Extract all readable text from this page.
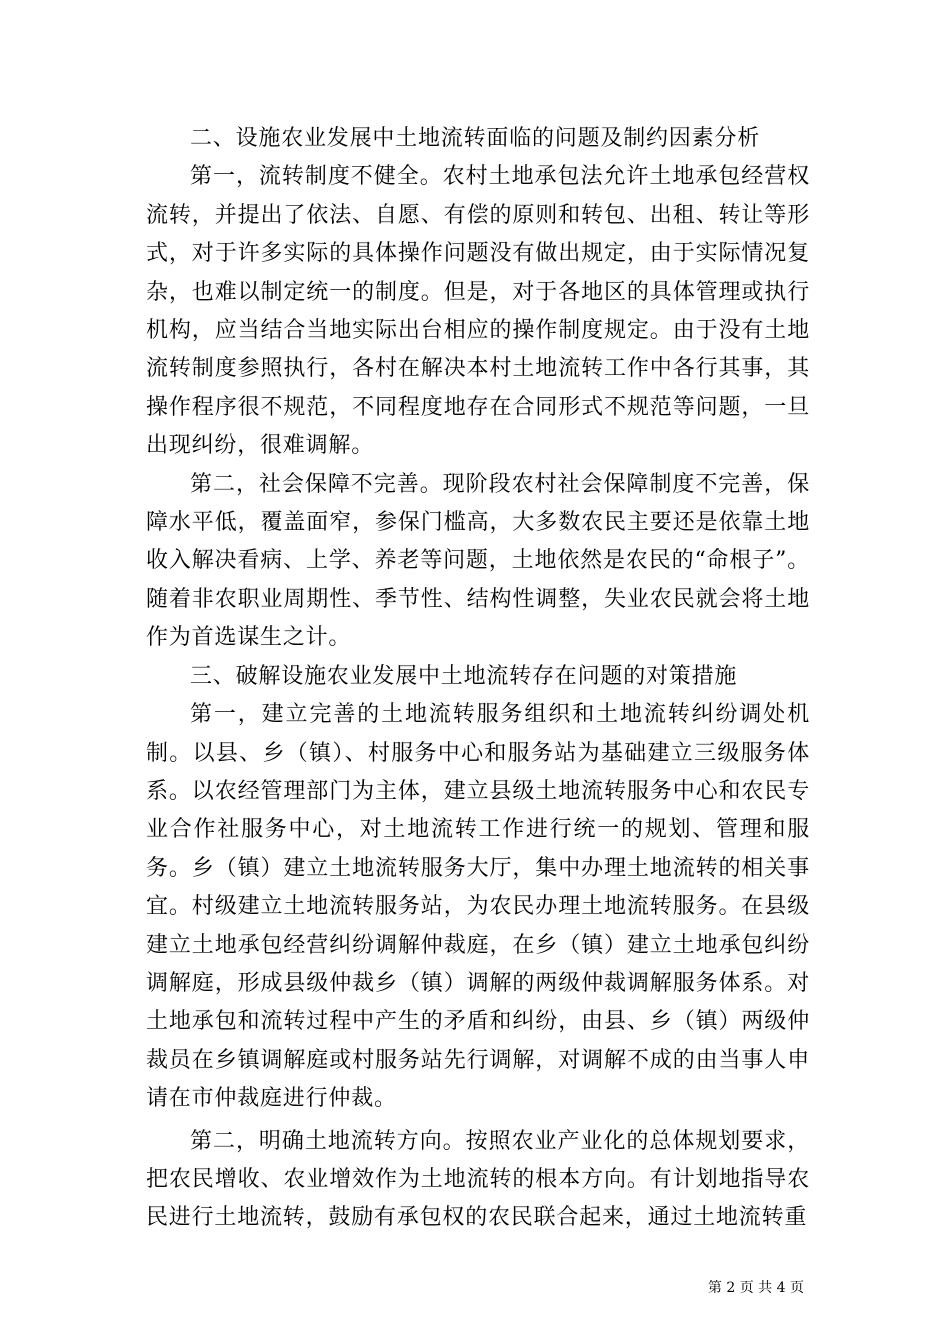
二、设施农业发展中土地流转面临的问题及制约因素分析

第一，流转制度不健全。农村土地承包法允许土地承包经营权流转，并提出了依法、自愿、有偿的原则和转包、出租、转让等形式，对于许多实际的具体操作问题没有做出规定，由于实际情况复杂，也难以制定统一的制度。但是，对于各地区的具体管理或执行机构，应当结合当地实际出台相应的操作制度规定。由于没有土地流转制度参照执行，各村在解决本村土地流转工作中各行其事，其操作程序很不规范，不同程度地存在合同形式不规范等问题，一旦出现纠纷，很难调解。

第二，社会保障不完善。现阶段农村社会保障制度不完善，保障水平低，覆盖面窄，参保门槛高，大多数农民主要还是依靠土地收入解决看病、上学、养老等问题，土地依然是农民的“命根子”。随着非农职业周期性、季节性、结构性调整，失业农民就会将土地作为首选谋生之计。

三、破解设施农业发展中土地流转存在问题的对策措施

第一，建立完善的土地流转服务组织和土地流转纠纷调处机制。以县、乡（镇）、村服务中心和服务站为基础建立三级服务体系。以农经管理部门为主体，建立县级土地流转服务中心和农民专业合作社服务中心，对土地流转工作进行统一的规划、管理和服务。乡（镇）建立土地流转服务大厅，集中办理土地流转的相关事宜。村级建立土地流转服务站，为农民办理土地流转服务。在县级建立土地承包经营纠纷调解仲裁庭，在乡（镇）建立土地承包纠纷调解庭，形成县级仲裁乡（镇）调解的两级仲裁调解服务体系。对土地承包和流转过程中产生的矛盾和纠纷，由县、乡（镇）两级仲裁员在乡镇调解庭或村服务站先行调解，对调解不成的由当事人申请在市仲裁庭进行仲裁。

第二，明确土地流转方向。按照农业产业化的总体规划要求，把农民增收、农业增效作为土地流转的根本方向。有计划地指导农民进行土地流转，鼓励有承包权的农民联合起来，通过土地流转重

第 2 页 共 4 页
